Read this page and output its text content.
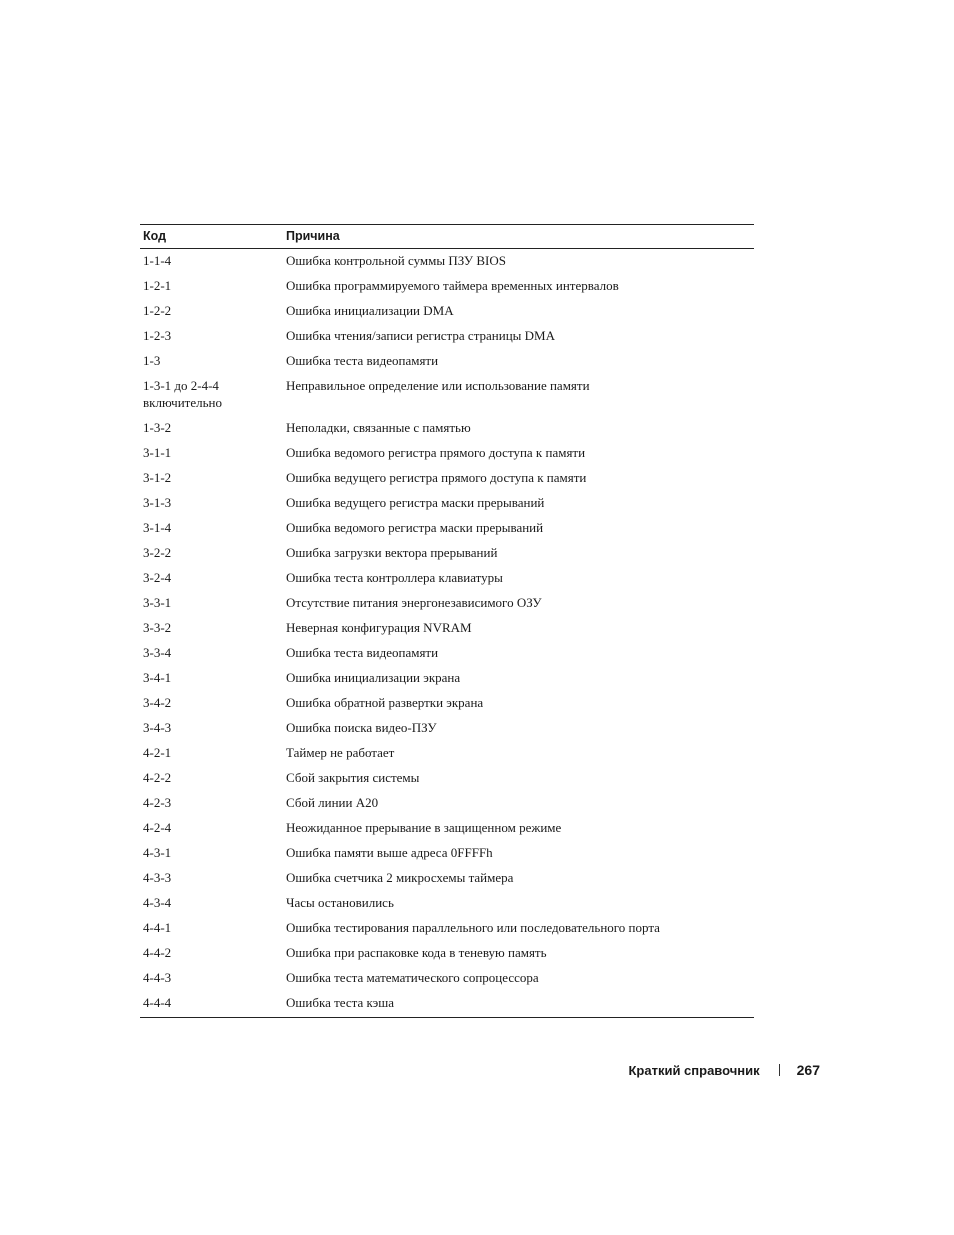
Код	Причина
1-1-4	Ошибка контрольной суммы ПЗУ BIOS
1-2-1	Ошибка программируемого таймера временных интервалов
1-2-2	Ошибка инициализации DMA
1-2-3	Ошибка чтения/записи регистра страницы DMA
1-3	Ошибка теста видеопамяти
1-3-1 до 2-4-4 включительно	Неправильное определение или использование памяти
1-3-2	Неполадки, связанные с памятью
3-1-1	Ошибка ведомого регистра прямого доступа к памяти
3-1-2	Ошибка ведущего регистра прямого доступа к памяти
3-1-3	Ошибка ведущего регистра маски прерываний
3-1-4	Ошибка ведомого регистра маски прерываний
3-2-2	Ошибка загрузки вектора прерываний
3-2-4	Ошибка теста контроллера клавиатуры
3-3-1	Отсутствие питания энергонезависимого ОЗУ
3-3-2	Неверная конфигурация NVRAM
3-3-4	Ошибка теста видеопамяти
3-4-1	Ошибка инициализации экрана
3-4-2	Ошибка обратной развертки экрана
3-4-3	Ошибка поиска видео-ПЗУ
4-2-1	Таймер не работает
4-2-2	Сбой закрытия системы
4-2-3	Сбой линии A20
4-2-4	Неожиданное прерывание в защищенном режиме
4-3-1	Ошибка памяти выше адреса 0FFFFh
4-3-3	Ошибка счетчика 2 микросхемы таймера
4-3-4	Часы остановились
4-4-1	Ошибка тестирования параллельного или последовательного порта
4-4-2	Ошибка при распаковке кода в теневую память
4-4-3	Ошибка теста математического сопроцессора
4-4-4	Ошибка теста кэша
Краткий справочник	267
